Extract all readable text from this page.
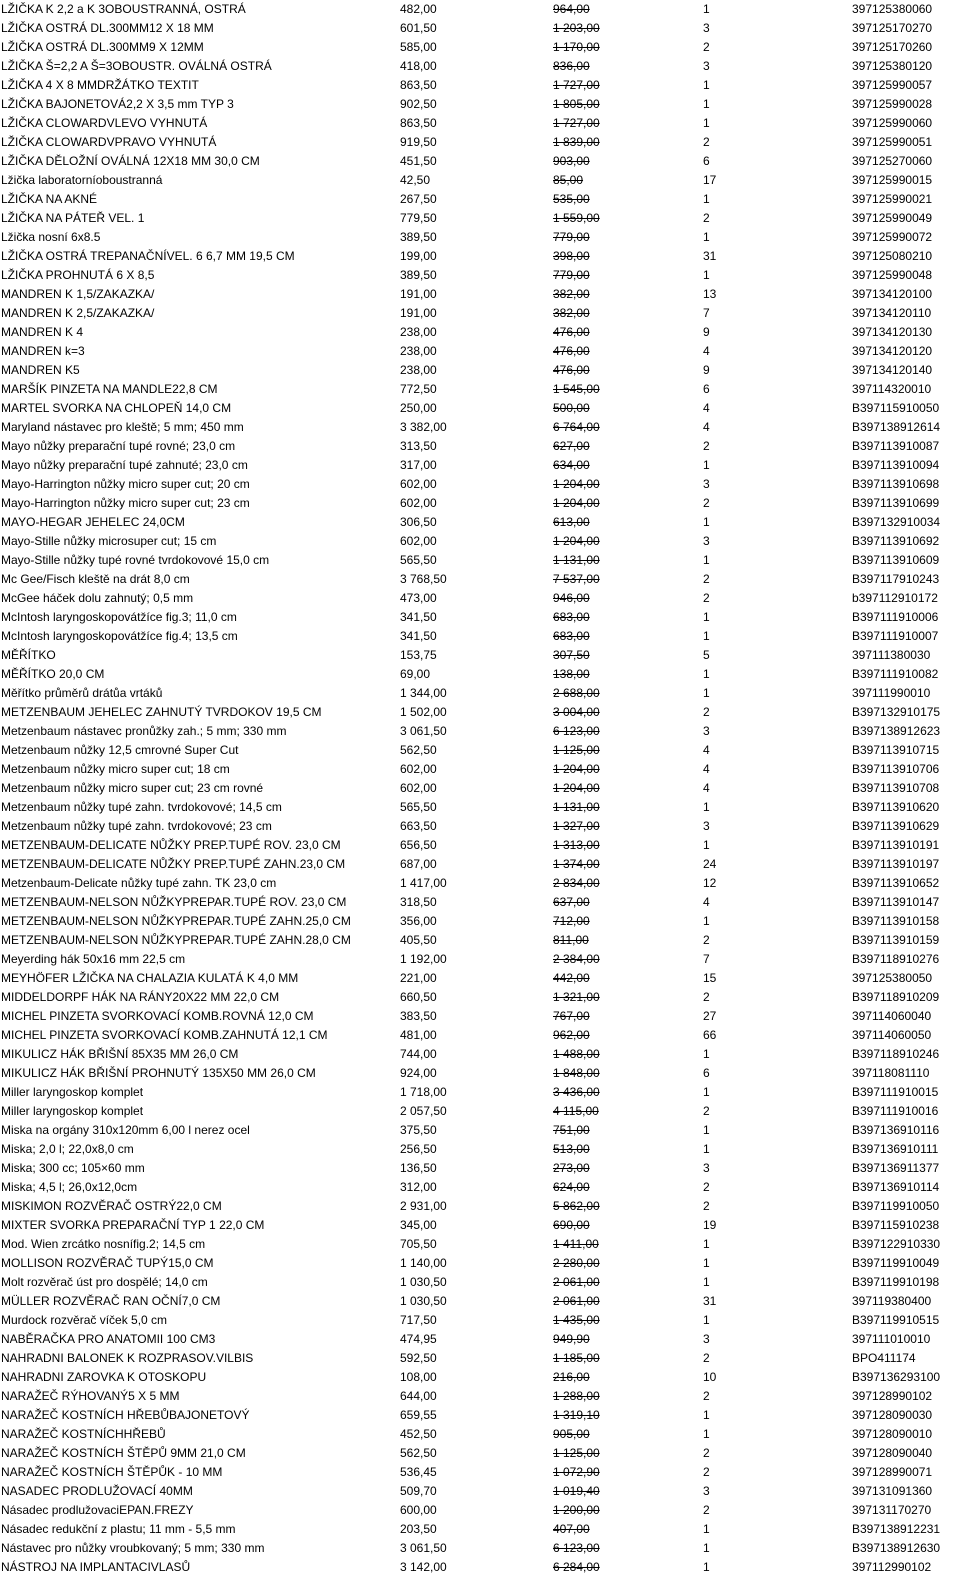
LŽIČKA K 2,2 a K 3OBOUSTRANNÁ, OSTRÁ	482,00	964,00	1	397125380060
LŽIČKA OSTRÁ DL.300MM12 X 18 MM	601,50	1 203,00	3	397125170270
LŽIČKA OSTRÁ DL.300MM9 X 12MM	585,00	1 170,00	2	397125170260
LŽIČKA Š=2,2 A Š=3OBOUSTR. OVÁLNÁ OSTRÁ	418,00	836,00	3	397125380120
LŽIČKA 4 X 8 MMDRŽÁTKO TEXTIT	863,50	1 727,00	1	397125990057
LŽIČKA BAJONETOVÁ2,2 X 3,5 mm TYP 3	902,50	1 805,00	1	397125990028
LŽIČKA CLOWARDVLEVO VYHNUTÁ	863,50	1 727,00	1	397125990060
LŽIČKA CLOWARDVPRAVO VYHNUTÁ	919,50	1 839,00	2	397125990051
LŽIČKA DĚLOŽNÍ OVÁLNÁ 12X18 MM 30,0 CM	451,50	903,00	6	397125270060
Lžička laboratorníoboustranná	42,50	85,00	17	397125990015
LŽIČKA NA AKNÉ	267,50	535,00	1	397125990021
LŽIČKA NA PÁTEŘ VEL. 1	779,50	1 559,00	2	397125990049
Lžička nosní 6x8.5	389,50	779,00	1	397125990072
LŽIČKA OSTRÁ TREPANAČNÍVEL. 6 6,7 MM 19,5 CM	199,00	398,00	31	397125080210
LŽIČKA PROHNUTÁ 6 X 8,5	389,50	779,00	1	397125990048
MANDREN K 1,5/ZAKAZKA/	191,00	382,00	13	397134120100
MANDREN K 2,5/ZAKAZKA/	191,00	382,00	7	397134120110
MANDREN K 4	238,00	476,00	9	397134120130
MANDREN k=3	238,00	476,00	4	397134120120
MANDREN K5	238,00	476,00	9	397134120140
MARŠÍK PINZETA NA MANDLE22,8 CM	772,50	1 545,00	6	397114320010
MARTEL SVORKA NA CHLOPEŇ 14,0 CM	250,00	500,00	4	B397115910050
Maryland nástavec pro kleště; 5 mm; 450 mm	3 382,00	6 764,00	4	B397138912614
Mayo nůžky preparační tupé rovné; 23,0 cm	313,50	627,00	2	B397113910087
Mayo nůžky preparační tupé zahnuté; 23,0 cm	317,00	634,00	1	B397113910094
Mayo-Harrington nůžky micro super cut; 20 cm	602,00	1 204,00	3	B397113910698
Mayo-Harrington nůžky micro super cut; 23 cm	602,00	1 204,00	2	B397113910699
MAYO-HEGAR JEHELEC 24,0CM	306,50	613,00	1	B397132910034
Mayo-Stille nůžky microsuper cut; 15 cm	602,00	1 204,00	3	B397113910692
Mayo-Stille nůžky tupé rovné tvrdokovové 15,0 cm	565,50	1 131,00	1	B397113910609
Mc Gee/Fisch kleště na drát 8,0 cm	3 768,50	7 537,00	2	B397117910243
McGee háček dolu zahnutý; 0,5 mm	473,00	946,00	2	b397112910172
McIntosh laryngoskopovátžíce fig.3; 11,0 cm	341,50	683,00	1	B397111910006
McIntosh laryngoskopovátžíce fig.4; 13,5 cm	341,50	683,00	1	B397111910007
MĚŘÍTKO	153,75	307,50	5	397111380030
MĚŘÍTKO 20,0 CM	69,00	138,00	1	B397111910082
Měřítko průměrů drátůa vrtáků	1 344,00	2 688,00	1	397111990010
METZENBAUM JEHELEC ZAHNUTÝ TVRDOKOV 19,5 CM	1 502,00	3 004,00	2	B397132910175
Metzenbaum nástavec pronůžky zah.; 5 mm; 330 mm	3 061,50	6 123,00	3	B397138912623
Metzenbaum nůžky 12,5 cmrovné Super Cut	562,50	1 125,00	4	B397113910715
Metzenbaum nůžky micro super cut; 18 cm	602,00	1 204,00	4	B397113910706
Metzenbaum nůžky micro super cut; 23 cm rovné	602,00	1 204,00	4	B397113910708
Metzenbaum nůžky tupé zahn. tvrdokovové; 14,5 cm	565,50	1 131,00	1	B397113910620
Metzenbaum nůžky tupé zahn. tvrdokovové; 23 cm	663,50	1 327,00	3	B397113910629
METZENBAUM-DELICATE NŮŽKY PREP.TUPÉ ROV. 23,0 CM	656,50	1 313,00	1	B397113910191
METZENBAUM-DELICATE NŮŽKY PREP.TUPÉ ZAHN.23,0 CM	687,00	1 374,00	24	B397113910197
Metzenbaum-Delicate nůžky tupé zahn. TK 23,0 cm	1 417,00	2 834,00	12	B397113910652
METZENBAUM-NELSON NŮŽKYPREPAR.TUPÉ ROV. 23,0 CM	318,50	637,00	4	B397113910147
METZENBAUM-NELSON NŮŽKYPREPAR.TUPÉ ZAHN.25,0 CM	356,00	712,00	1	B397113910158
METZENBAUM-NELSON NŮŽKYPREPAR.TUPÉ ZAHN.28,0 CM	405,50	811,00	2	B397113910159
Meyerding hák 50x16 mm 22,5 cm	1 192,00	2 384,00	7	B397118910276
MEYHÖFER LŽIČKA NA CHALAZIA KULATÁ K 4,0 MM	221,00	442,00	15	397125380050
MIDDELDORPF HÁK NA RÁNY20X22 MM 22,0 CM	660,50	1 321,00	2	B397118910209
MICHEL PINZETA SVORKOVACÍ KOMB.ROVNÁ 12,0 CM	383,50	767,00	27	397114060040
MICHEL PINZETA SVORKOVACÍ KOMB.ZAHNUTÁ 12,1 CM	481,00	962,00	66	397114060050
MIKULICZ HÁK BŘIŠNÍ 85X35 MM 26,0 CM	744,00	1 488,00	1	B397118910246
MIKULICZ HÁK BŘIŠNÍ PROHNUTÝ 135X50 MM 26,0 CM	924,00	1 848,00	6	397118081110
Miller laryngoskop komplet	1 718,00	3 436,00	1	B397111910015
Miller laryngoskop komplet	2 057,50	4 115,00	2	B397111910016
Miska na orgány 310x120mm 6,00 l nerez ocel	375,50	751,00	1	B397136910116
Miska; 2,0 l; 22,0x8,0 cm	256,50	513,00	1	B397136910111
Miska; 300 cc; 105×60 mm	136,50	273,00	3	B397136911377
Miska; 4,5 l; 26,0x12,0cm	312,00	624,00	2	B397136910114
MISKIMON ROZVĚRAČ OSTRÝ22,0 CM	2 931,00	5 862,00	2	B397119910050
MIXTER SVORKA PREPARAČNÍ TYP 1 22,0 CM	345,00	690,00	19	B397115910238
Mod. Wien zrcátko nosnífig.2; 14,5 cm	705,50	1 411,00	1	B397122910330
MOLLISON ROZVĚRAČ TUPÝ15,0 CM	1 140,00	2 280,00	1	B397119910049
Molt rozvěrač úst pro dospělé; 14,0 cm	1 030,50	2 061,00	1	B397119910198
MÜLLER ROZVĚRAČ RAN OČNÍ7,0 CM	1 030,50	2 061,00	31	397119380400
Murdock rozvěrač víček 5,0 cm	717,50	1 435,00	1	B397119910515
NABĚRAČKA PRO ANATOMII 100 CM3	474,95	949,90	3	397111010010
NAHRADNI BALONEK K ROZPRASOV.VILBIS	592,50	1 185,00	2	BPO411174
NAHRADNI ZAROVKA K OTOSKOPU	108,00	216,00	10	B397136293100
NARAŽEČ RÝHOVANÝ5 X 5 MM	644,00	1 288,00	2	397128990102
NARAŽEČ KOSTNÍCH HŘEBŮBAJONETOVÝ	659,55	1 319,10	1	397128090030
NARAŽEČ KOSTNÍCHHŘEBŮ	452,50	905,00	1	397128090010
NARAŽEČ KOSTNÍCH ŠTĚPŮ 9MM 21,0 CM	562,50	1 125,00	2	397128090040
NARAŽEČ KOSTNÍCH ŠTĚPŮK - 10 MM	536,45	1 072,90	2	397128990071
NASADEC PRODLUŽOVACÍ 40MM	509,70	1 019,40	3	397131091360
Násadec prodlužovaciEPAN.FREZY	600,00	1 200,00	2	397131170270
Násadec redukční z plastu; 11 mm - 5,5 mm	203,50	407,00	1	B397138912231
Nástavec pro nůžky vroubkovaný; 5 mm; 330 mm	3 061,50	6 123,00	1	B397138912630
NÁSTROJ NA IMPLANTACIVLASŮ	3 142,00	6 284,00	1	397112990102
